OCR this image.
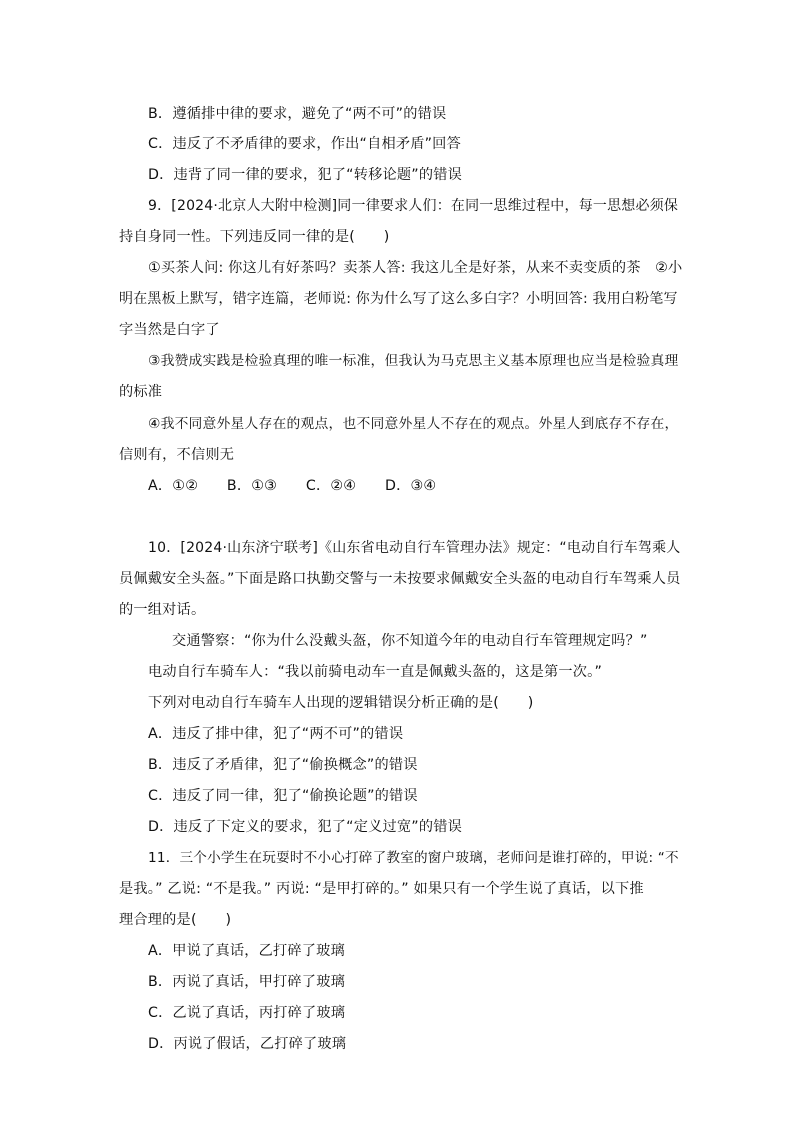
B．遵循排中律的要求，避免了“两不可”的错误
C．违反了不矛盾律的要求，作出“自相矛盾”回答
D．违背了同一律的要求，犯了“转移论题”的错误
9．[2024·北京人大附中检测]同一律要求人们：在同一思维过程中，每一思想必须保
持自身同一性。下列违反同一律的是(　　)
①买茶人问: 你这儿有好茶吗？卖茶人答: 我这儿全是好茶，从来不卖变质的茶　②小
明在黑板上默写，错字连篇，老师说: 你为什么写了这么多白字？小明回答: 我用白粉笔写
字当然是白字了
③我赞成实践是检验真理的唯一标准，但我认为马克思主义基本原理也应当是检验真理
的标准
④我不同意外星人存在的观点，也不同意外星人不存在的观点。外星人到底存不存在，
信则有，不信则无
A．①②　　B．①③　　C．②④　　D．③④
10．[2024·山东济宁联考]《山东省电动自行车管理办法》规定：“电动自行车驾乘人
员佩戴安全头盔。”下面是路口执勤交警与一未按要求佩戴安全头盔的电动自行车驾乘人员
的一组对话。
交通警察：“你为什么没戴头盔，你不知道今年的电动自行车管理规定吗？”
电动自行车骑车人：“我以前骑电动车一直是佩戴头盔的，这是第一次。”
下列对电动自行车骑车人出现的逻辑错误分析正确的是(　　)
A．违反了排中律，犯了“两不可”的错误
B．违反了矛盾律，犯了“偷换概念”的错误
C．违反了同一律，犯了“偷换论题”的错误
D．违反了下定义的要求，犯了“定义过宽”的错误
11．三个小学生在玩耍时不小心打碎了教室的窗户玻璃，老师问是谁打碎的，甲说: “不
是我。” 乙说: “不是我。” 丙说: “是甲打碎的。” 如果只有一个学生说了真话，以下推
理合理的是(　　)
A．甲说了真话，乙打碎了玻璃
B．丙说了真话，甲打碎了玻璃
C．乙说了真话，丙打碎了玻璃
D．丙说了假话，乙打碎了玻璃
